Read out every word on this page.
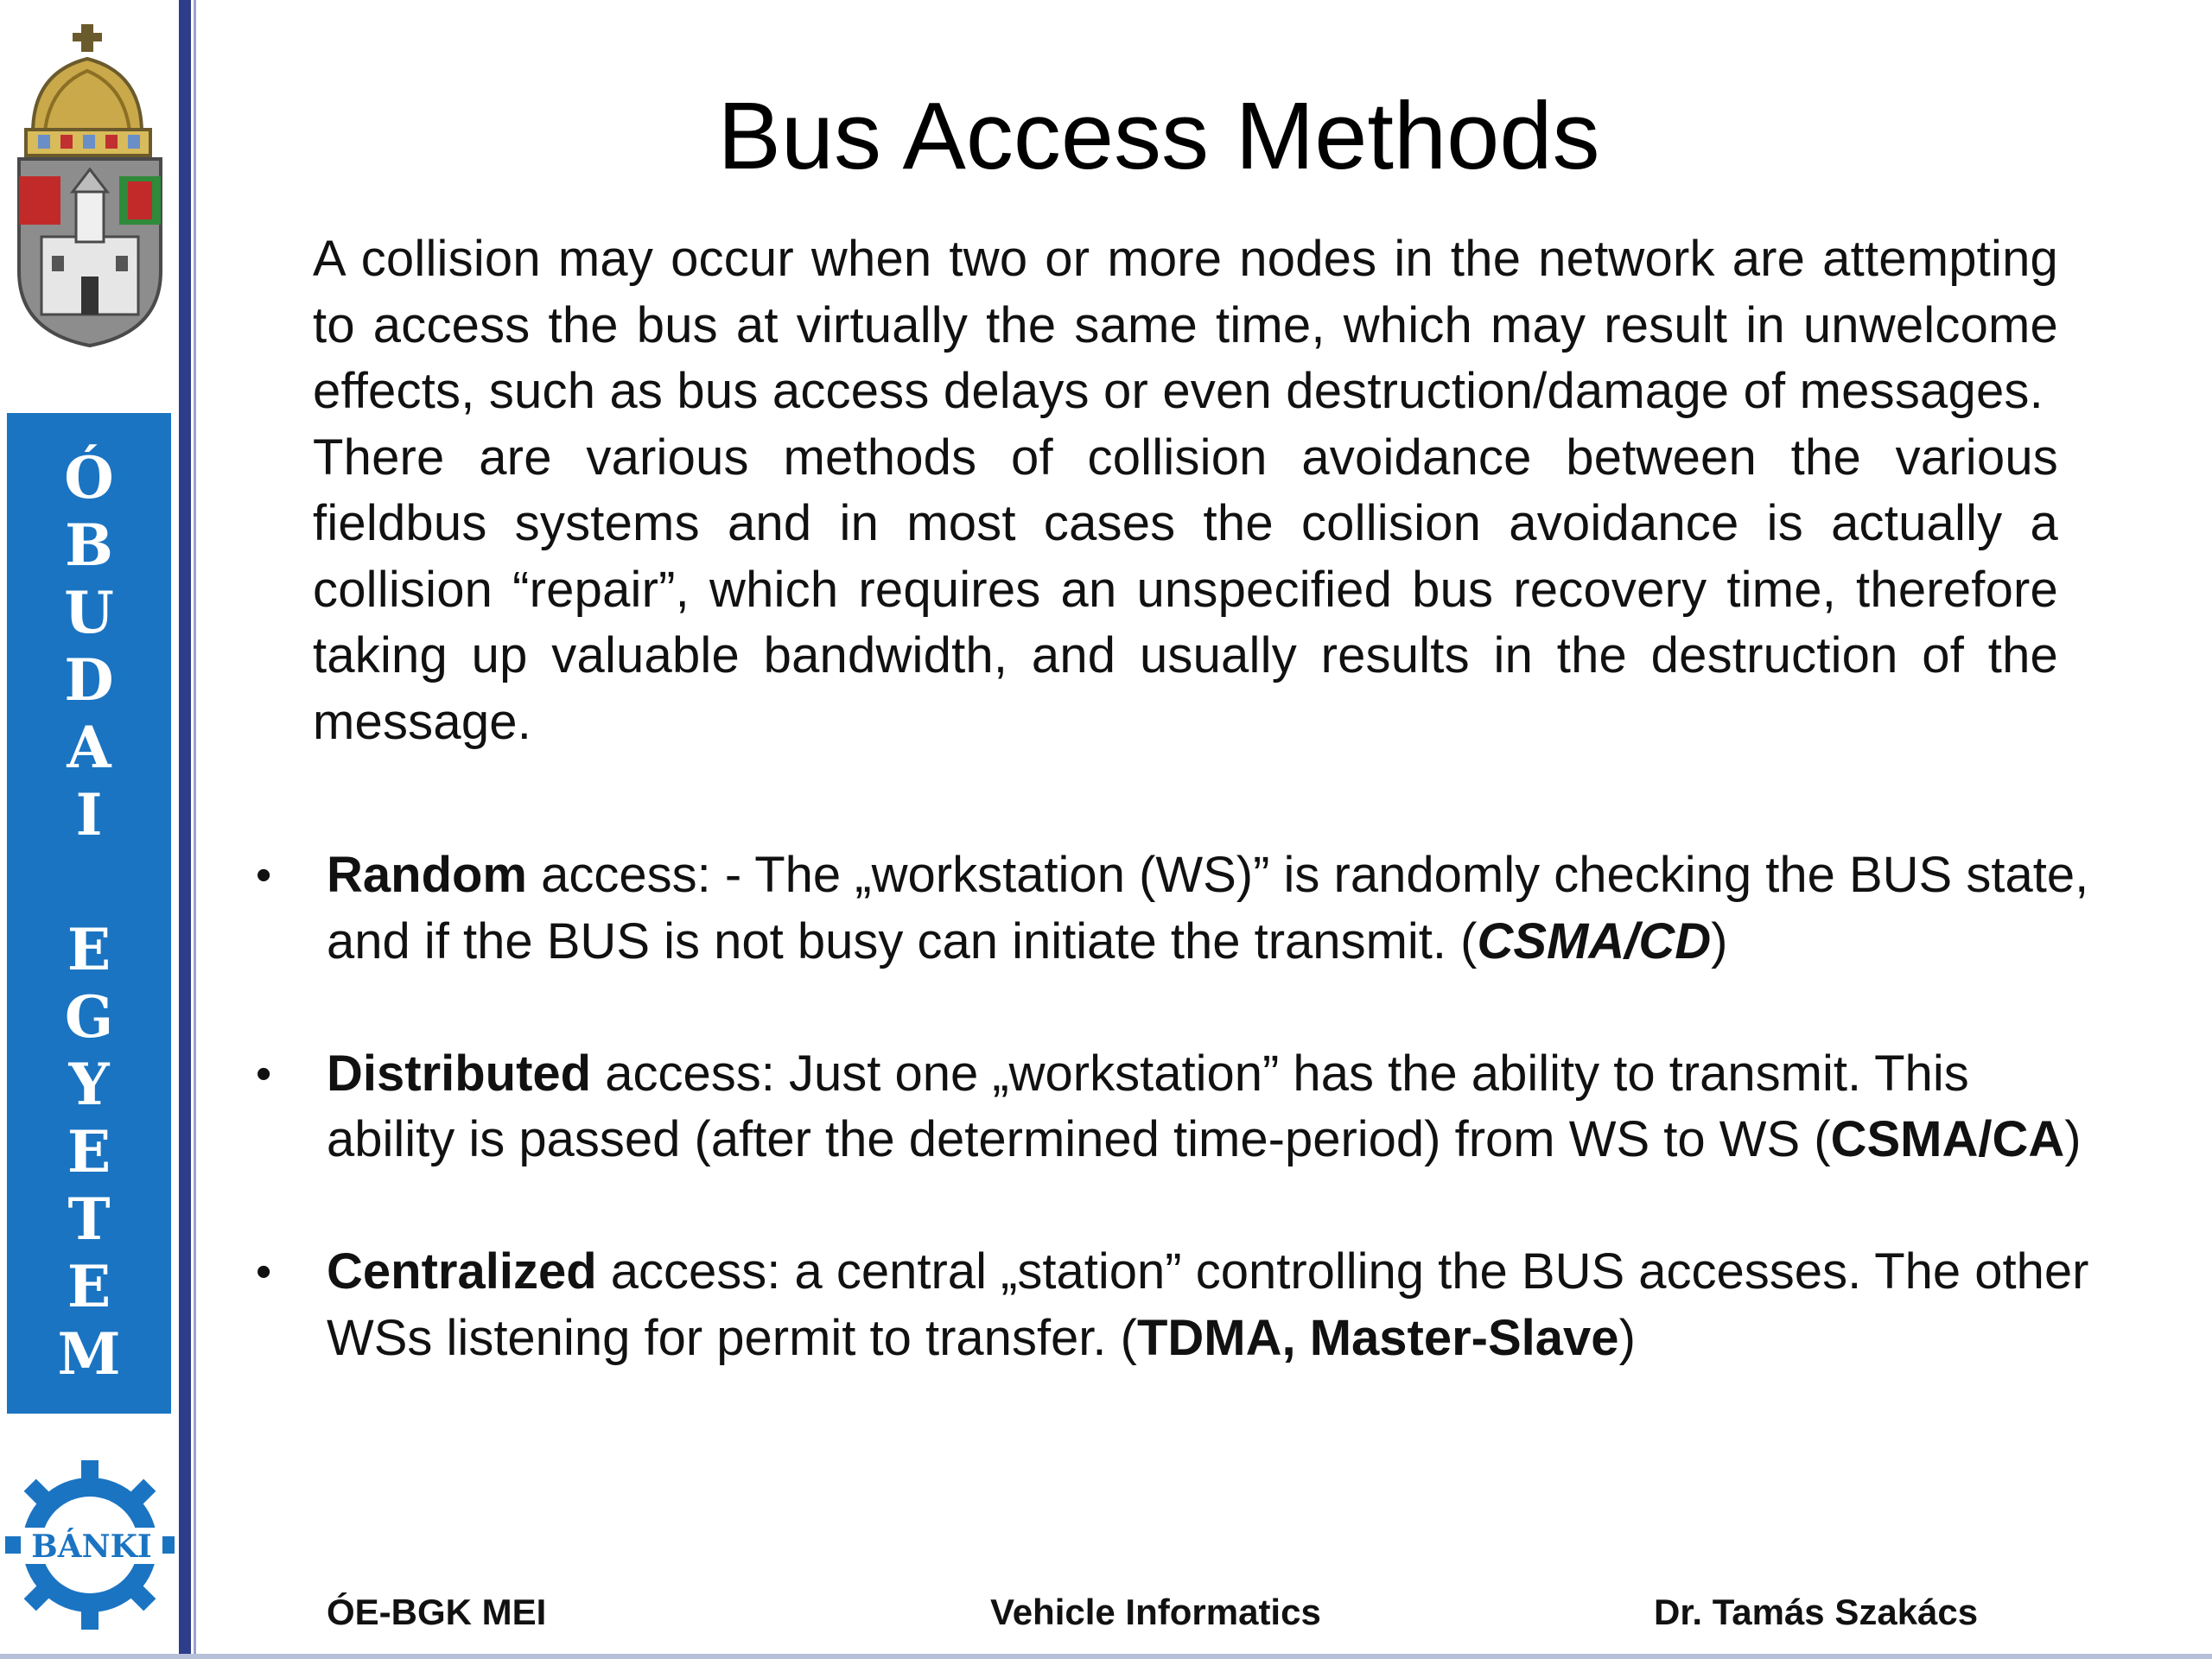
Ó
B
U
D
A
I
E
G
Y
E
T
E
M
BÁNKI
Bus Access Methods

A collision may occur when two or more nodes in the network are attempting to access the bus at virtually the same time, which may result in unwelcome effects, such as bus access delays or even destruction/damage of messages.

There are various methods of collision avoidance between the various fieldbus systems and in most cases the collision avoidance is actually a collision “repair”, which requires an unspecified bus recovery time, therefore taking up valuable bandwidth, and usually results in the destruction of the message.

• Random access: - The „workstation (WS)” is randomly checking the BUS state, and if the BUS is not busy can initiate the transmit. (CSMA/CD)
• Distributed access: Just one „workstation” has the ability to transmit. This ability is passed (after the determined time-period) from WS to WS (CSMA/CA)
• Centralized access: a central „station” controlling the BUS accesses. The other WSs listening for permit to transfer. (TDMA, Master-Slave)

ÓE-BGK MEI	Vehicle Informatics	Dr. Tamás Szakács
